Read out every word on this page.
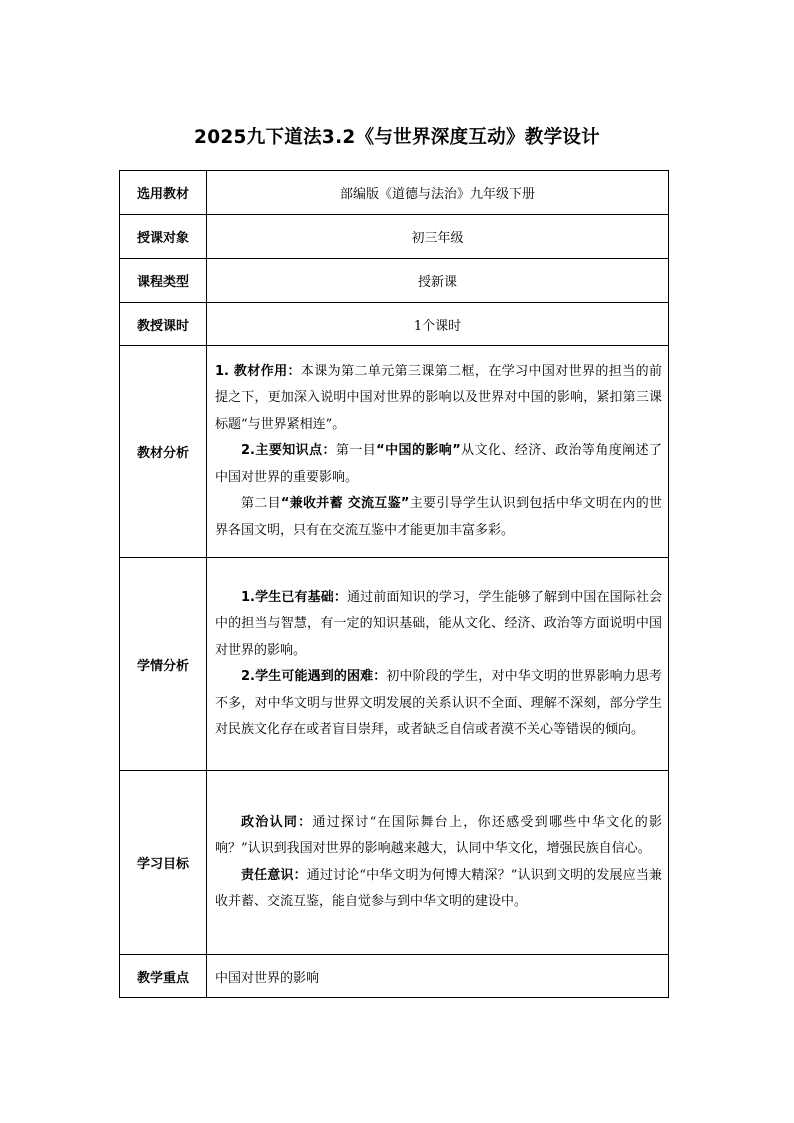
2025九下道法3.2《与世界深度互动》教学设计
选用教材	部编版《道德与法治》九年级下册
授课对象	初三年级
课程类型	授新课
教授课时	1个课时
教材分析	1. 教材作用：本课为第二单元第三课第二框，在学习中国对世界的担当的前提之下，更加深入说明中国对世界的影响以及世界对中国的影响，紧扣第三课标题“与世界紧相连”。

2.主要知识点：第一目“中国的影响”从文化、经济、政治等角度阐述了中国对世界的重要影响。

第二目“兼收并蓄 交流互鉴”主要引导学生认识到包括中华文明在内的世界各国文明，只有在交流互鉴中才能更加丰富多彩。

学情分析	1.学生已有基础：通过前面知识的学习，学生能够了解到中国在国际社会中的担当与智慧，有一定的知识基础，能从文化、经济、政治等方面说明中国对世界的影响。

2.学生可能遇到的困难：初中阶段的学生，对中华文明的世界影响力思考不多，对中华文明与世界文明发展的关系认识不全面、理解不深刻，部分学生对民族文化存在或者盲目崇拜，或者缺乏自信或者漠不关心等错误的倾向。

学习目标	政治认同：通过探讨“在国际舞台上，你还感受到哪些中华文化的影响？”认识到我国对世界的影响越来越大，认同中华文化，增强民族自信心。

责任意识：通过讨论“中华文明为何博大精深？”认识到文明的发展应当兼收并蓄、交流互鉴，能自觉参与到中华文明的建设中。

教学重点	中国对世界的影响
